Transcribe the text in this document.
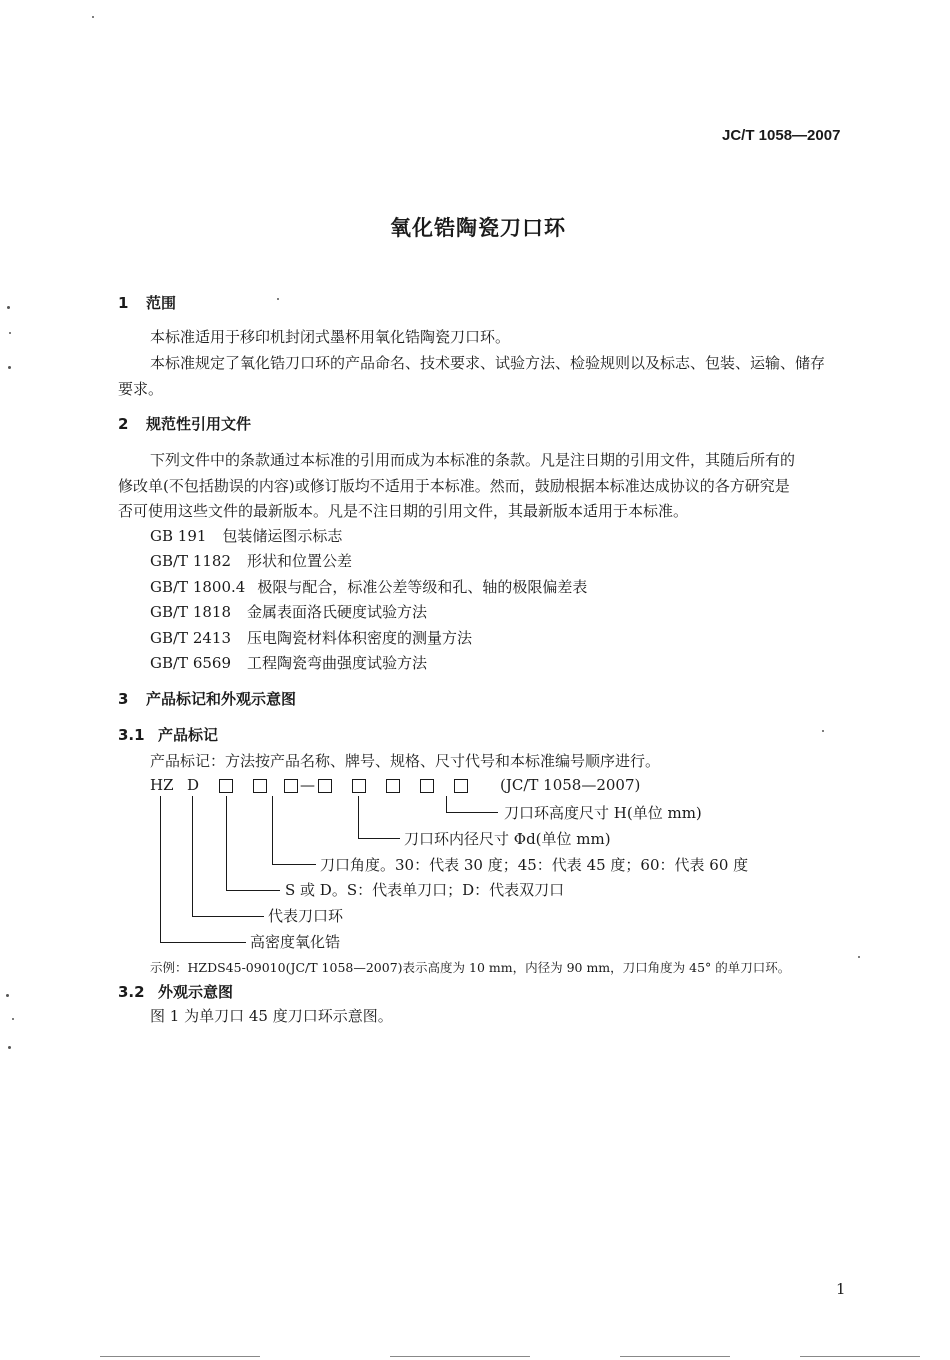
JC/T 1058—2007
氧化锆陶瓷刀口环
1 范围
本标准适用于移印机封闭式墨杯用氧化锆陶瓷刀口环。
本标准规定了氧化锆刀口环的产品命名、技术要求、试验方法、检验规则以及标志、包装、运输、储存
要求。
2 规范性引用文件
下列文件中的条款通过本标准的引用而成为本标准的条款。凡是注日期的引用文件，其随后所有的
修改单(不包括勘误的内容)或修订版均不适用于本标准。然而，鼓励根据本标准达成协议的各方研究是
否可使用这些文件的最新版本。凡是不注日期的引用文件，其最新版本适用于本标准。
GB 191 包装储运图示标志
GB/T 1182 形状和位置公差
GB/T 1800.4 极限与配合，标准公差等级和孔、轴的极限偏差表
GB/T 1818 金属表面洛氏硬度试验方法
GB/T 2413 压电陶瓷材料体积密度的测量方法
GB/T 6569 工程陶瓷弯曲强度试验方法
3 产品标记和外观示意图
3.1 产品标记
产品标记：方法按产品名称、牌号、规格、尺寸代号和本标准编号顺序进行。
HZ D	—	(JC/T 1058—2007)
刀口环高度尺寸 H(单位 mm)
刀口环内径尺寸 Φd(单位 mm)
刀口角度。30：代表 30 度；45：代表 45 度；60：代表 60 度
S 或 D。S：代表单刀口；D：代表双刀口
代表刀口环
高密度氧化锆
示例：HZDS45-09010(JC/T 1058—2007)表示高度为 10 mm，内径为 90 mm，刀口角度为 45° 的单刀口环。
3.2 外观示意图
图 1 为单刀口 45 度刀口环示意图。
1
